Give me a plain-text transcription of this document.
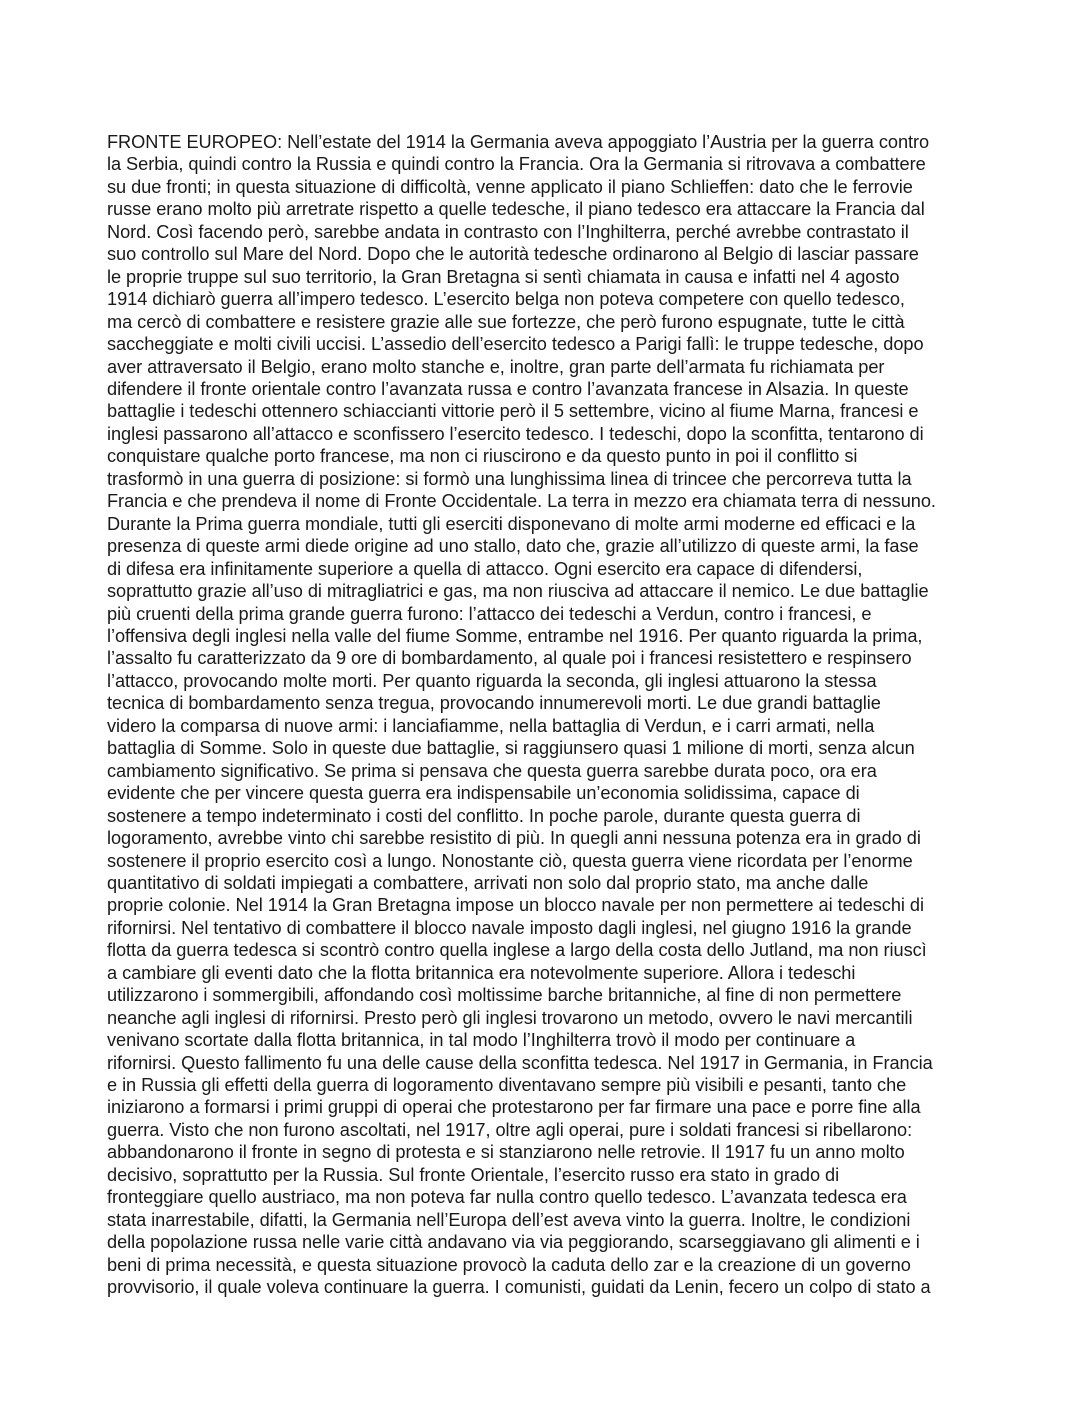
FRONTE EUROPEO: Nell’estate del 1914 la Germania aveva appoggiato l’Austria per la guerra contro
la Serbia, quindi contro la Russia e quindi contro la Francia. Ora la Germania si ritrovava a combattere
su due fronti; in questa situazione di difficoltà, venne applicato il piano Schlieffen: dato che le ferrovie
russe erano molto più arretrate rispetto a quelle tedesche, il piano tedesco era attaccare la Francia dal
Nord. Così facendo però, sarebbe andata in contrasto con l’Inghilterra, perché avrebbe contrastato il
suo controllo sul Mare del Nord. Dopo che le autorità tedesche ordinarono al Belgio di lasciar passare
le proprie truppe sul suo territorio, la Gran Bretagna si sentì chiamata in causa e infatti nel 4 agosto
1914 dichiarò guerra all’impero tedesco. L’esercito belga non poteva competere con quello tedesco,
ma cercò di combattere e resistere grazie alle sue fortezze, che però furono espugnate, tutte le città
saccheggiate e molti civili uccisi. L’assedio dell’esercito tedesco a Parigi fallì: le truppe tedesche, dopo
aver attraversato il Belgio, erano molto stanche e, inoltre, gran parte dell’armata fu richiamata per
difendere il fronte orientale contro l’avanzata russa e contro l’avanzata francese in Alsazia. In queste
battaglie i tedeschi ottennero schiaccianti vittorie però il 5 settembre, vicino al fiume Marna, francesi e
inglesi passarono all’attacco e sconfissero l’esercito tedesco. I tedeschi, dopo la sconfitta, tentarono di
conquistare qualche porto francese, ma non ci riuscirono e da questo punto in poi il conflitto si
trasformò in una guerra di posizione: si formò una lunghissima linea di trincee che percorreva tutta la
Francia e che prendeva il nome di Fronte Occidentale. La terra in mezzo era chiamata terra di nessuno.
Durante la Prima guerra mondiale, tutti gli eserciti disponevano di molte armi moderne ed efficaci e la
presenza di queste armi diede origine ad uno stallo, dato che, grazie all’utilizzo di queste armi, la fase
di difesa era infinitamente superiore a quella di attacco. Ogni esercito era capace di difendersi,
soprattutto grazie all’uso di mitragliatrici e gas, ma non riusciva ad attaccare il nemico. Le due battaglie
più cruenti della prima grande guerra furono: l’attacco dei tedeschi a Verdun, contro i francesi, e
l’offensiva degli inglesi nella valle del fiume Somme, entrambe nel 1916. Per quanto riguarda la prima,
l’assalto fu caratterizzato da 9 ore di bombardamento, al quale poi i francesi resistettero e respinsero
l’attacco, provocando molte morti. Per quanto riguarda la seconda, gli inglesi attuarono la stessa
tecnica di bombardamento senza tregua, provocando innumerevoli morti. Le due grandi battaglie
videro la comparsa di nuove armi: i lanciafiamme, nella battaglia di Verdun, e i carri armati, nella
battaglia di Somme. Solo in queste due battaglie, si raggiunsero quasi 1 milione di morti, senza alcun
cambiamento significativo. Se prima si pensava che questa guerra sarebbe durata poco, ora era
evidente che per vincere questa guerra era indispensabile un’economia solidissima, capace di
sostenere a tempo indeterminato i costi del conflitto. In poche parole, durante questa guerra di
logoramento, avrebbe vinto chi sarebbe resistito di più. In quegli anni nessuna potenza era in grado di
sostenere il proprio esercito così a lungo. Nonostante ciò, questa guerra viene ricordata per l’enorme
quantitativo di soldati impiegati a combattere, arrivati non solo dal proprio stato, ma anche dalle
proprie colonie. Nel 1914 la Gran Bretagna impose un blocco navale per non permettere ai tedeschi di
rifornirsi. Nel tentativo di combattere il blocco navale imposto dagli inglesi, nel giugno 1916 la grande
flotta da guerra tedesca si scontrò contro quella inglese a largo della costa dello Jutland, ma non riuscì
a cambiare gli eventi dato che la flotta britannica era notevolmente superiore. Allora i tedeschi
utilizzarono i sommergibili, affondando così moltissime barche britanniche, al fine di non permettere
neanche agli inglesi di rifornirsi. Presto però gli inglesi trovarono un metodo, ovvero le navi mercantili
venivano scortate dalla flotta britannica, in tal modo l’Inghilterra trovò il modo per continuare a
rifornirsi. Questo fallimento fu una delle cause della sconfitta tedesca. Nel 1917 in Germania, in Francia
e in Russia gli effetti della guerra di logoramento diventavano sempre più visibili e pesanti, tanto che
iniziarono a formarsi i primi gruppi di operai che protestarono per far firmare una pace e porre fine alla
guerra. Visto che non furono ascoltati, nel 1917, oltre agli operai, pure i soldati francesi si ribellarono:
abbandonarono il fronte in segno di protesta e si stanziarono nelle retrovie. Il 1917 fu un anno molto
decisivo, soprattutto per la Russia. Sul fronte Orientale, l’esercito russo era stato in grado di
fronteggiare quello austriaco, ma non poteva far nulla contro quello tedesco. L’avanzata tedesca era
stata inarrestabile, difatti, la Germania nell’Europa dell’est aveva vinto la guerra. Inoltre, le condizioni
della popolazione russa nelle varie città andavano via via peggiorando, scarseggiavano gli alimenti e i
beni di prima necessità, e questa situazione provocò la caduta dello zar e la creazione di un governo
provvisorio, il quale voleva continuare la guerra. I comunisti, guidati da Lenin, fecero un colpo di stato a
